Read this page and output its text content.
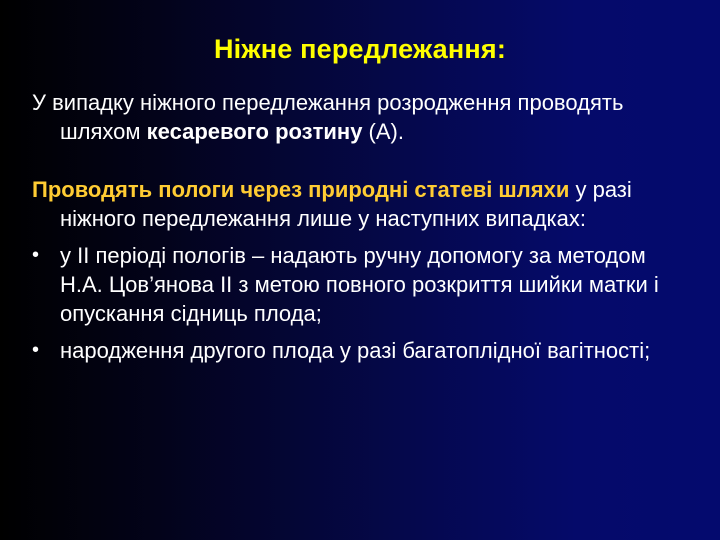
Ніжне передлежання:

У випадку ніжного передлежання розродження проводять шляхом кесаревого розтину (А).

Проводять пологи через природні статеві шляхи у разі ніжного передлежання лише у наступних випадках:

• у ІІ періоді пологів – надають ручну допомогу за методом Н.А. Цов’янова ІІ з метою повного розкриття шийки матки і опускання сідниць плода;
• народження другого плода у разі багатоплідної вагітності;
